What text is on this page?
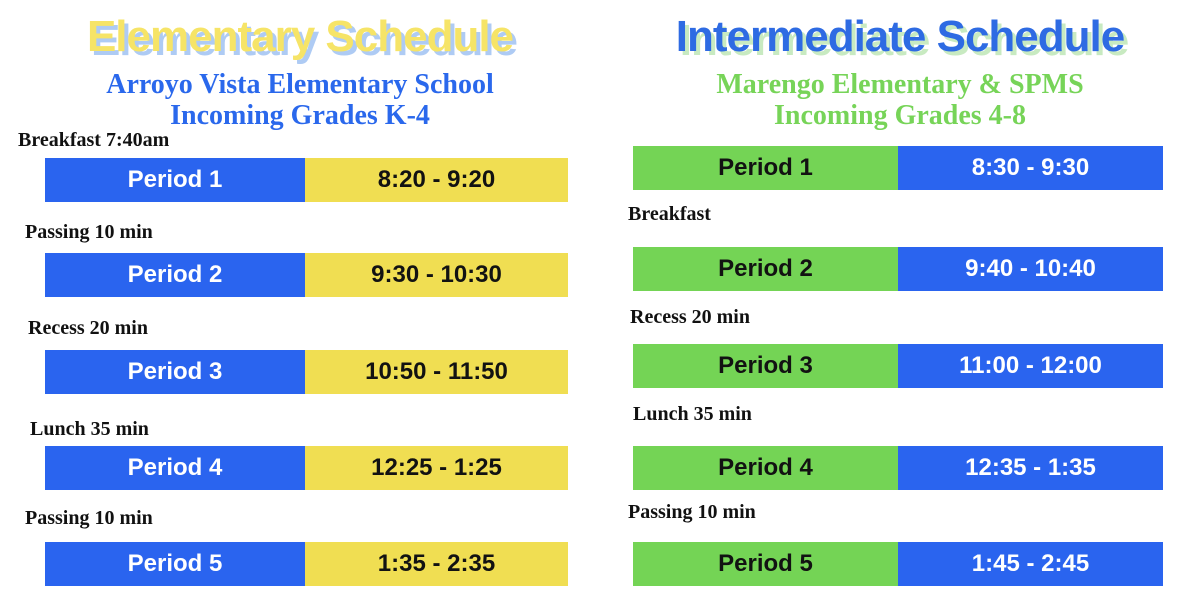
Elementary Schedule
Arroyo Vista Elementary School
Incoming Grades K-4
Breakfast 7:40am
Period 1	8:20 - 9:20
Passing 10 min
Period 2	9:30 - 10:30
Recess 20 min
Period 3	10:50 - 11:50
Lunch 35 min
Period 4	12:25 - 1:25
Passing 10 min
Period 5	1:35 - 2:35
Intermediate Schedule
Marengo Elementary & SPMS
Incoming Grades 4-8
Period 1	8:30 - 9:30
Breakfast
Period 2	9:40 - 10:40
Recess 20 min
Period 3	11:00 - 12:00
Lunch 35 min
Period 4	12:35 - 1:35
Passing 10 min
Period 5	1:45 - 2:45
